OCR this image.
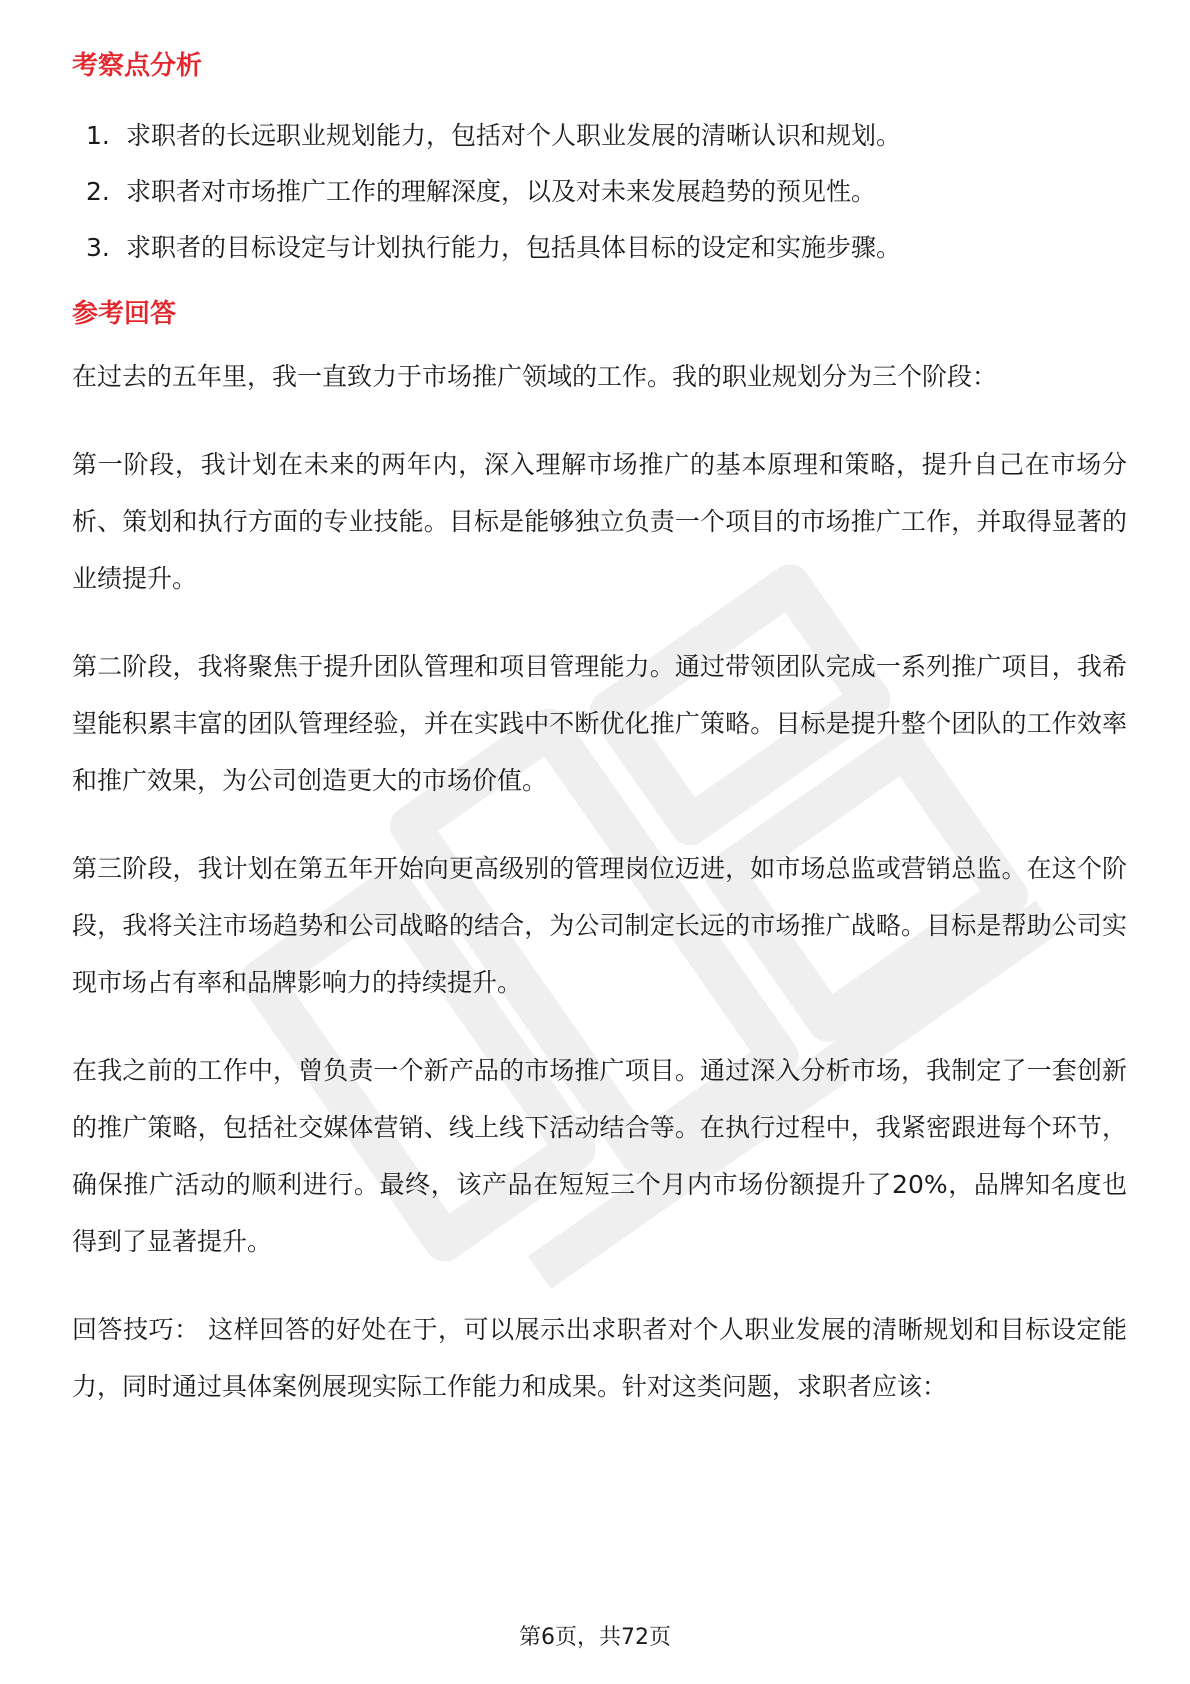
考察点分析
1. 求职者的长远职业规划能力，包括对个人职业发展的清晰认识和规划。
2. 求职者对市场推广工作的理解深度，以及对未来发展趋势的预见性。
3. 求职者的目标设定与计划执行能力，包括具体目标的设定和实施步骤。
参考回答

在过去的五年里，我一直致力于市场推广领域的工作。我的职业规划分为三个阶段：

第一阶段，我计划在未来的两年内，深入理解市场推广的基本原理和策略，提升自己在市场分析、策划和执行方面的专业技能。目标是能够独立负责一个项目的市场推广工作，并取得显著的业绩提升。

第二阶段，我将聚焦于提升团队管理和项目管理能力。通过带领团队完成一系列推广项目，我希望能积累丰富的团队管理经验，并在实践中不断优化推广策略。目标是提升整个团队的工作效率和推广效果，为公司创造更大的市场价值。

第三阶段，我计划在第五年开始向更高级别的管理岗位迈进，如市场总监或营销总监。在这个阶段，我将关注市场趋势和公司战略的结合，为公司制定长远的市场推广战略。目标是帮助公司实现市场占有率和品牌影响力的持续提升。

在我之前的工作中，曾负责一个新产品的市场推广项目。通过深入分析市场，我制定了一套创新的推广策略，包括社交媒体营销、线上线下活动结合等。在执行过程中，我紧密跟进每个环节，确保推广活动的顺利进行。最终，该产品在短短三个月内市场份额提升了20%，品牌知名度也得到了显著提升。

回答技巧： 这样回答的好处在于，可以展示出求职者对个人职业发展的清晰规划和目标设定能力，同时通过具体案例展现实际工作能力和成果。针对这类问题，求职者应该：

第6页，共72页
